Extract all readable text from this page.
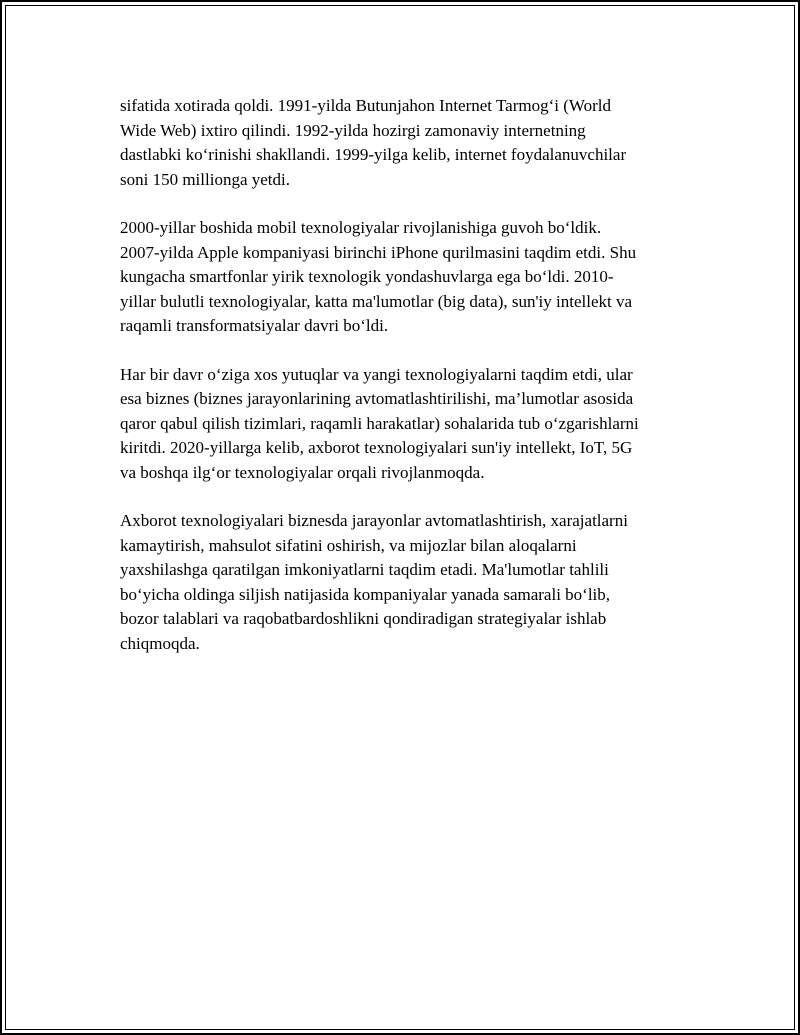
sifatida xotirada qoldi. 1991-yilda Butunjahon Internet Tarmog‘i (World
Wide Web) ixtiro qilindi. 1992-yilda hozirgi zamonaviy internetning
dastlabki ko‘rinishi shakllandi. 1999-yilga kelib, internet foydalanuvchilar
soni 150 millionga yetdi.

2000-yillar boshida mobil texnologiyalar rivojlanishiga guvoh bo‘ldik.
2007-yilda Apple kompaniyasi birinchi iPhone qurilmasini taqdim etdi. Shu
kungacha smartfonlar yirik texnologik yondashuvlarga ega bo‘ldi. 2010-
yillar bulutli texnologiyalar, katta ma'lumotlar (big data), sun'iy intellekt va
raqamli transformatsiyalar davri bo‘ldi.

Har bir davr o‘ziga xos yutuqlar va yangi texnologiyalarni taqdim etdi, ular
esa biznes (biznes jarayonlarining avtomatlashtirilishi, ma’lumotlar asosida
qaror qabul qilish tizimlari, raqamli harakatlar) sohalarida tub o‘zgarishlarni
kiritdi. 2020-yillarga kelib, axborot texnologiyalari sun'iy intellekt, IoT, 5G
va boshqa ilg‘or texnologiyalar orqali rivojlanmoqda.

Axborot texnologiyalari biznesda jarayonlar avtomatlashtirish, xarajatlarni
kamaytirish, mahsulot sifatini oshirish, va mijozlar bilan aloqalarni
yaxshilashga qaratilgan imkoniyatlarni taqdim etadi. Ma'lumotlar tahlili
bo‘yicha oldinga siljish natijasida kompaniyalar yanada samarali bo‘lib,
bozor talablari va raqobatbardoshlikni qondiradigan strategiyalar ishlab
chiqmoqda.
